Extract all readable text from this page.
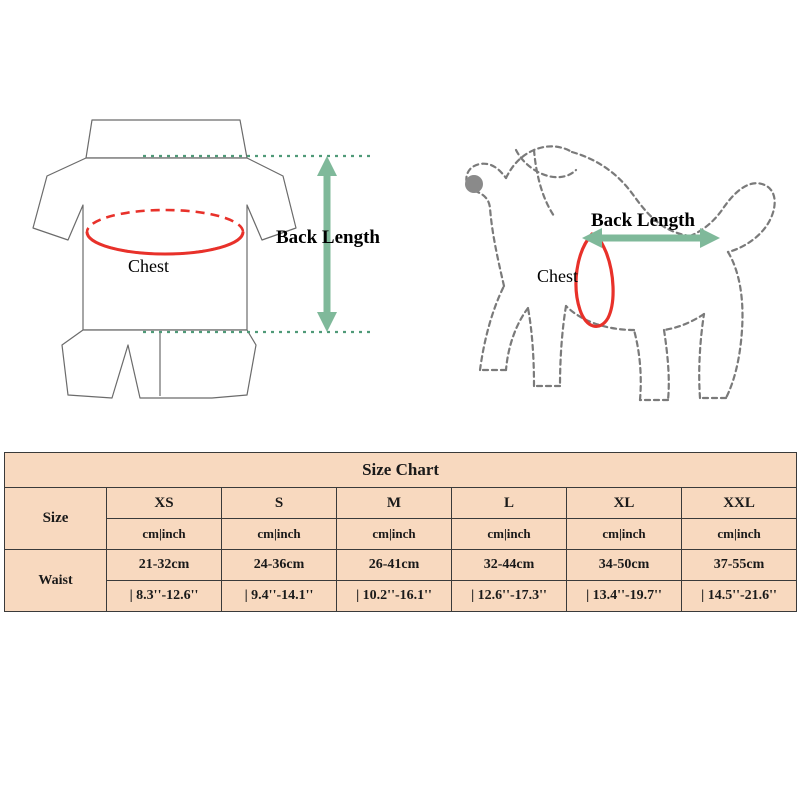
Back Length
Chest
Back Length
Chest
Size Chart						
Size	XS	S	M	L	XL	XXL
	cm|inch	cm|inch	cm|inch	cm|inch	cm|inch	cm|inch
Waist	21-32cm	24-36cm	26-41cm	32-44cm	34-50cm	37-55cm
	| 8.3''-12.6''	| 9.4''-14.1''	| 10.2''-16.1''	| 12.6''-17.3''	| 13.4''-19.7''	| 14.5''-21.6''
